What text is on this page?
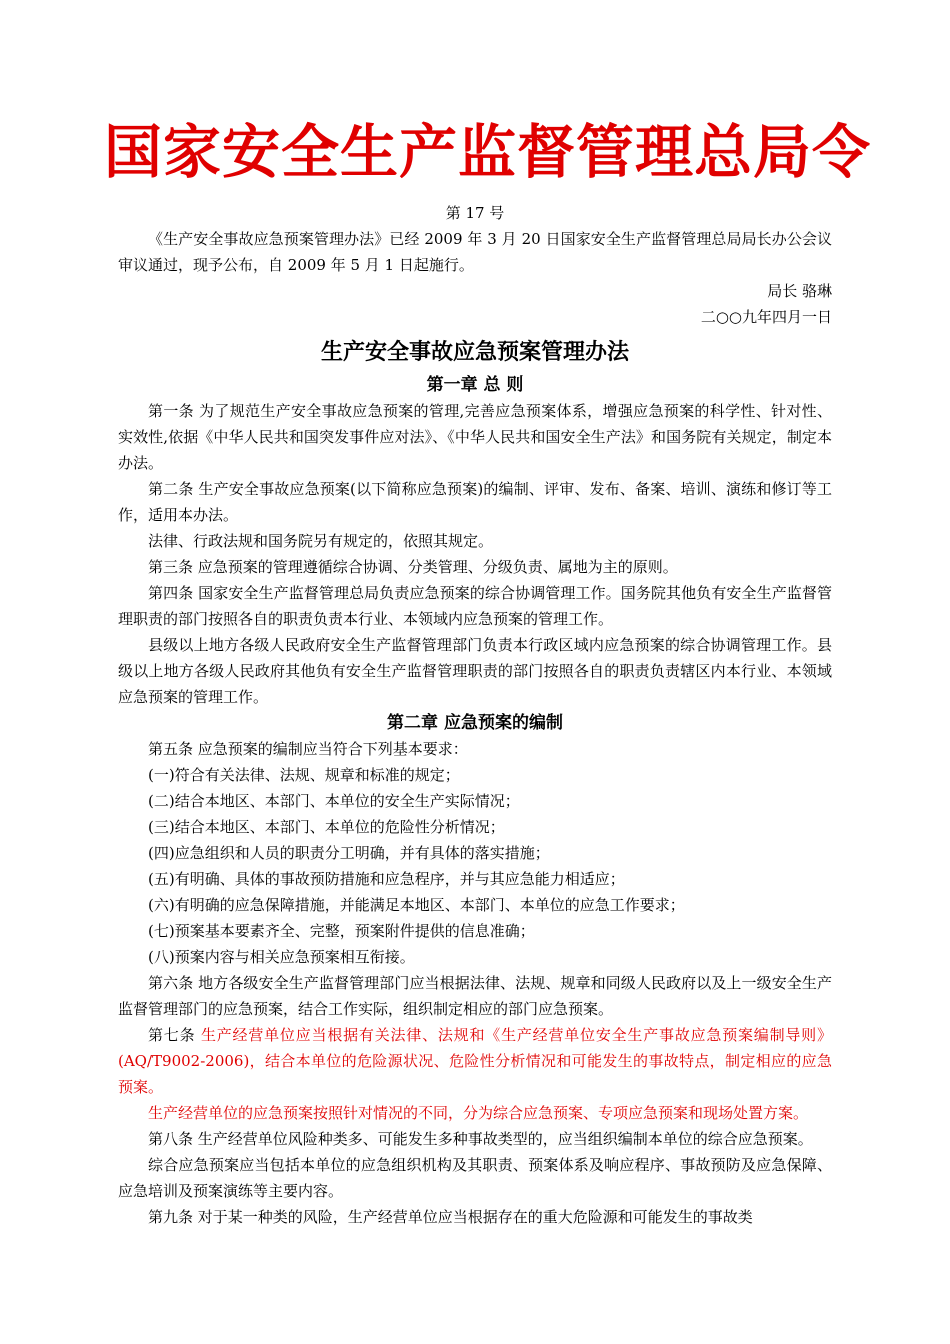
国家安全生产监督管理总局令
第 17 号

《生产安全事故应急预案管理办法》已经 2009 年 3 月 20 日国家安全生产监督管理总局局长办公会议审议通过，现予公布，自 2009 年 5 月 1 日起施行。

局长 骆琳
二○○九年四月一日
生产安全事故应急预案管理办法
第一章 总 则

第一条 为了规范生产安全事故应急预案的管理,完善应急预案体系，增强应急预案的科学性、针对性、实效性,依据《中华人民共和国突发事件应对法》、《中华人民共和国安全生产法》和国务院有关规定，制定本办法。

第二条 生产安全事故应急预案(以下简称应急预案)的编制、评审、发布、备案、培训、演练和修订等工作，适用本办法。

法律、行政法规和国务院另有规定的，依照其规定。

第三条 应急预案的管理遵循综合协调、分类管理、分级负责、属地为主的原则。

第四条 国家安全生产监督管理总局负责应急预案的综合协调管理工作。国务院其他负有安全生产监督管理职责的部门按照各自的职责负责本行业、本领域内应急预案的管理工作。

县级以上地方各级人民政府安全生产监督管理部门负责本行政区域内应急预案的综合协调管理工作。县级以上地方各级人民政府其他负有安全生产监督管理职责的部门按照各自的职责负责辖区内本行业、本领域应急预案的管理工作。

第二章 应急预案的编制

第五条 应急预案的编制应当符合下列基本要求：

(一)符合有关法律、法规、规章和标准的规定；

(二)结合本地区、本部门、本单位的安全生产实际情况；

(三)结合本地区、本部门、本单位的危险性分析情况；

(四)应急组织和人员的职责分工明确，并有具体的落实措施；

(五)有明确、具体的事故预防措施和应急程序，并与其应急能力相适应；

(六)有明确的应急保障措施，并能满足本地区、本部门、本单位的应急工作要求；

(七)预案基本要素齐全、完整，预案附件提供的信息准确；

(八)预案内容与相关应急预案相互衔接。

第六条 地方各级安全生产监督管理部门应当根据法律、法规、规章和同级人民政府以及上一级安全生产监督管理部门的应急预案，结合工作实际，组织制定相应的部门应急预案。

第七条 生产经营单位应当根据有关法律、法规和《生产经营单位安全生产事故应急预案编制导则》(AQ/T9002-2006)，结合本单位的危险源状况、危险性分析情况和可能发生的事故特点，制定相应的应急预案。

生产经营单位的应急预案按照针对情况的不同，分为综合应急预案、专项应急预案和现场处置方案。

第八条 生产经营单位风险种类多、可能发生多种事故类型的，应当组织编制本单位的综合应急预案。

综合应急预案应当包括本单位的应急组织机构及其职责、预案体系及响应程序、事故预防及应急保障、应急培训及预案演练等主要内容。

第九条 对于某一种类的风险，生产经营单位应当根据存在的重大危险源和可能发生的事故类
